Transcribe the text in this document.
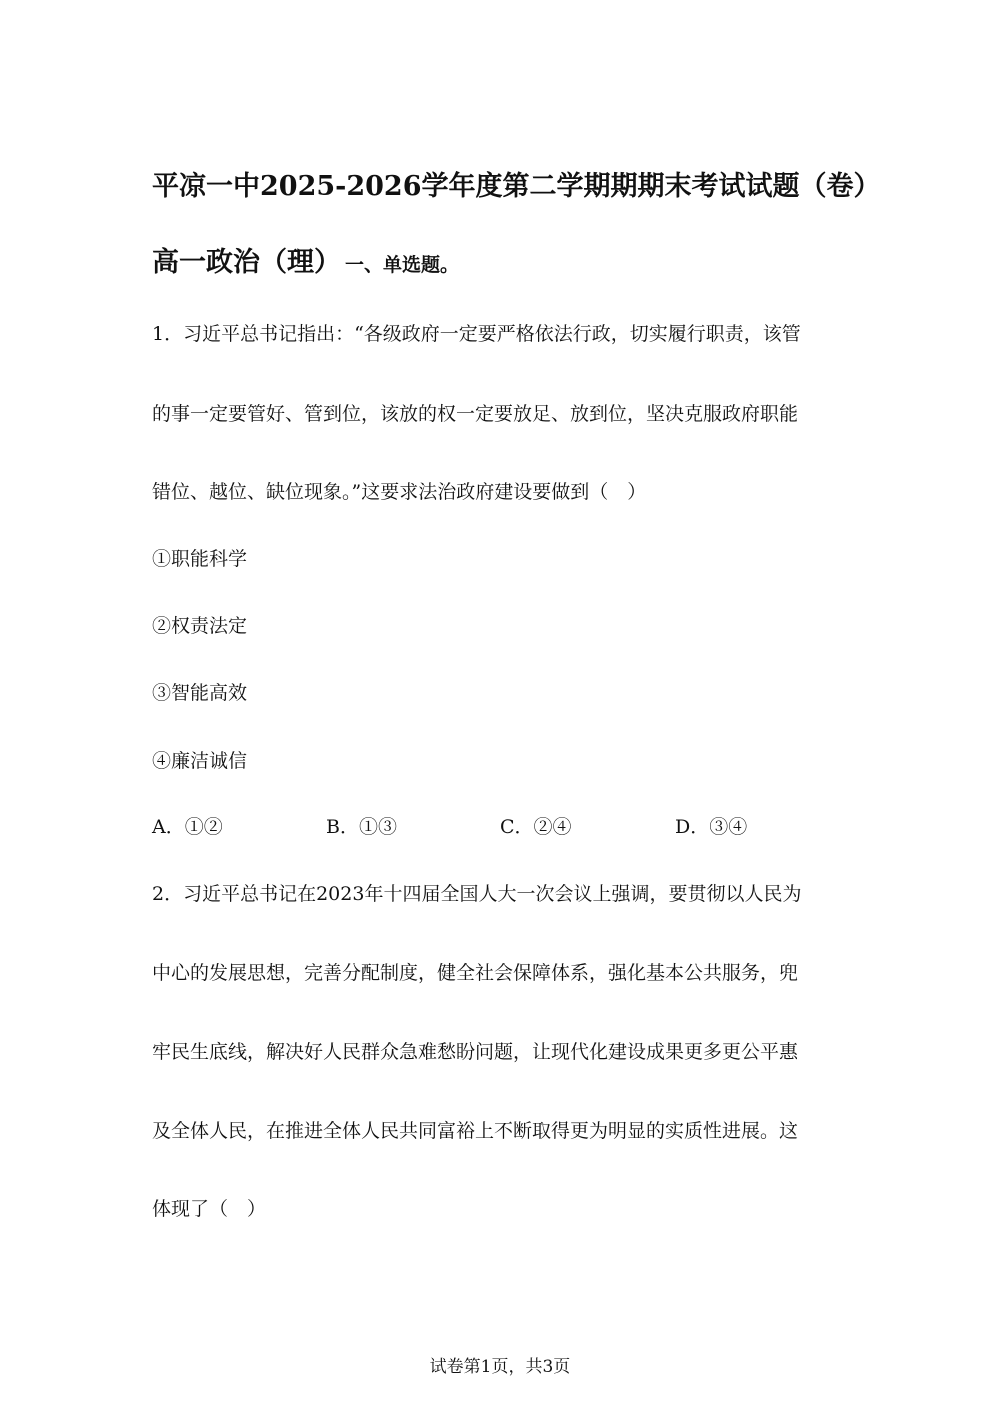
平凉一中2025-2026学年度第二学期期期末考试试题（卷）
高一政治（理） 一、单选题。
1．习近平总书记指出：“各级政府一定要严格依法行政，切实履行职责，该管
的事一定要管好、管到位，该放的权一定要放足、放到位，坚决克服政府职能
错位、越位、缺位现象。”这要求法治政府建设要做到（　）
①职能科学
②权责法定
③智能高效
④廉洁诚信
A．①②	B．①③	C．②④	D．③④
2．习近平总书记在2023年十四届全国人大一次会议上强调，要贯彻以人民为
中心的发展思想，完善分配制度，健全社会保障体系，强化基本公共服务，兜
牢民生底线，解决好人民群众急难愁盼问题，让现代化建设成果更多更公平惠
及全体人民，在推进全体人民共同富裕上不断取得更为明显的实质性进展。这
体现了（　）
试卷第1页，共3页
